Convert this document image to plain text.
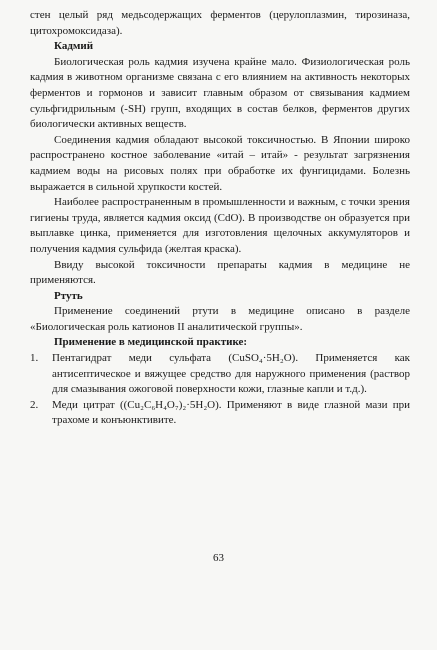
стен целый ряд медьсодержащих ферментов (церулоплазмин, тирозиназа, цитохромоксидаза).

Кадмий

Биологическая роль кадмия изучена крайне мало. Физиологическая роль кадмия в животном организме связана с его влиянием на активность некоторых ферментов и гормонов и зависит главным образом от связывания кадмием сульфгидрильным (-SH) групп, входящих в состав белков, ферментов других биологически активных веществ.

Соединения кадмия обладают высокой токсичностью. В Японии широко распространено костное заболевание «итай – итай» - результат загрязнения кадмием воды на рисовых полях при обработке их фунгицидами. Болезнь выражается в сильной хрупкости костей.

Наиболее распространенным в промышленности и важным, с точки зрения гигиены труда, является кадмия оксид (CdO). В производстве он образуется при выплавке цинка, применяется для изготовления щелочных аккумуляторов и получения кадмия сульфида (желтая краска).

Ввиду высокой токсичности препараты кадмия в медицине не применяются.

Ртуть

Применение соединений ртути в медицине описано в разделе «Биологическая роль катионов II аналитической группы».

Применение в медицинской практике:

1. Пентагидрат меди сульфата (CuSO₄·5H₂O). Применяется как антисептическое и вяжущее средство для наружного применения (раствор для смазывания ожоговой поверхности кожи, глазные капли и т.д.).
2. Меди цитрат ((Cu₂C₆H₄O₇)₂·5H₂O). Применяют в виде глазной мази при трахоме и конъюнктивите.
63
